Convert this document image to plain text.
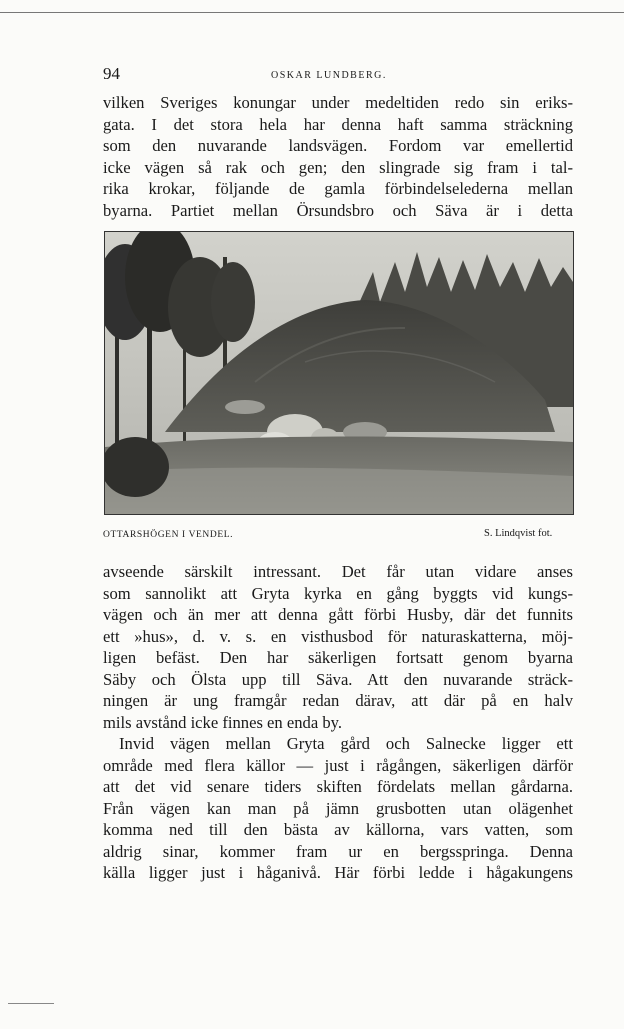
94	OSKAR LUNDBERG.

vilken Sveriges konungar under medeltiden redo sin eriks-
gata. I det stora hela har denna haft samma sträckning
som den nuvarande landsvägen. Fordom var emellertid
icke vägen så rak och gen; den slingrade sig fram i tal-
rika krokar, följande de gamla förbindelselederna mellan
byarna. Partiet mellan Örsundsbro och Säva är i detta

OTTARSHÖGEN I VENDEL.	S. Lindqvist fot.

avseende särskilt intressant. Det får utan vidare anses
som sannolikt att Gryta kyrka en gång byggts vid kungs-
vägen och än mer att denna gått förbi Husby, där det funnits
ett »hus», d. v. s. en visthusbod för naturaskatterna, möj-
ligen befäst. Den har säkerligen fortsatt genom byarna
Säby och Ölsta upp till Säva. Att den nuvarande sträck-
ningen är ung framgår redan därav, att där på en halv
mils avstånd icke finnes en enda by.

Invid vägen mellan Gryta gård och Salnecke ligger ett
område med flera källor — just i rågången, säkerligen därför
att det vid senare tiders skiften fördelats mellan gårdarna.
Från vägen kan man på jämn grusbotten utan olägenhet
komma ned till den bästa av källorna, vars vatten, som
aldrig sinar, kommer fram ur en bergsspringa. Denna
källa ligger just i håganivå. Här förbi ledde i hågakungens
